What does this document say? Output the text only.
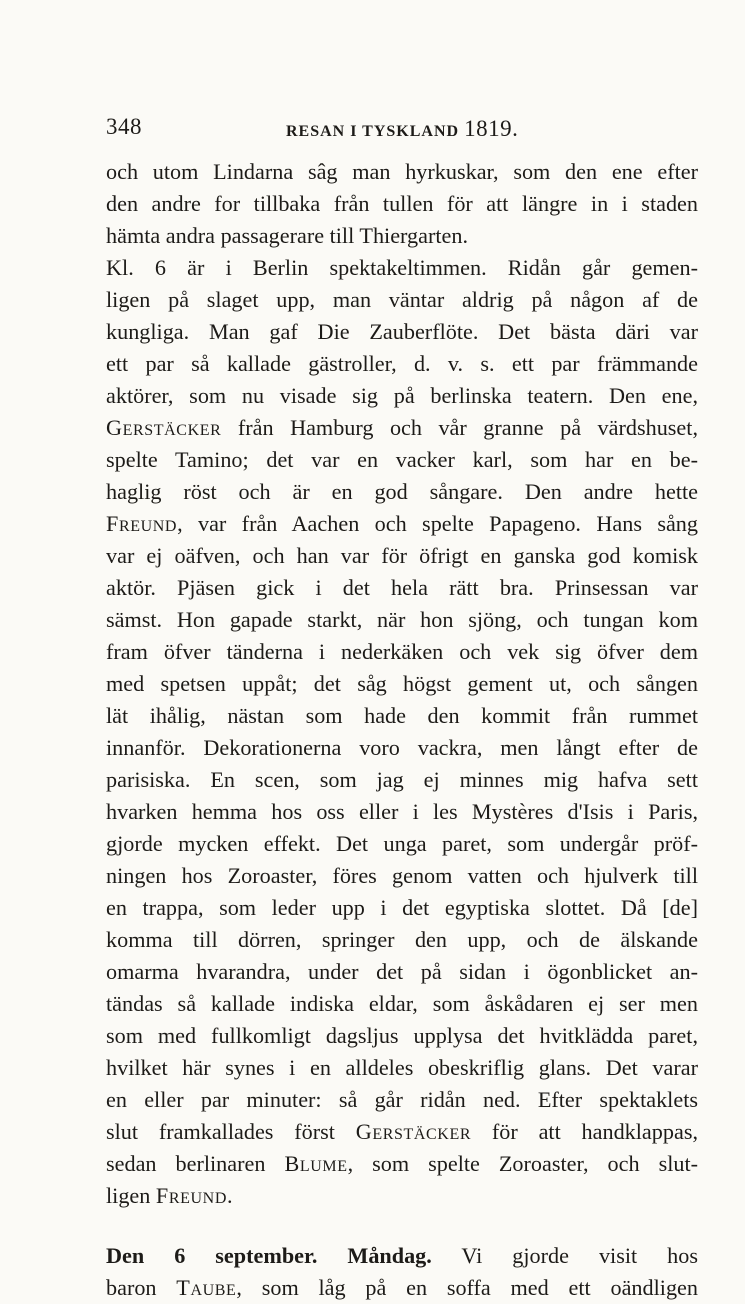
348	RESAN I TYSKLAND 1819.
och utom Lindarna sâg man hyrkuskar, som den ene efter
den andre for tillbaka från tullen för att längre in i staden
hämta andra passagerare till Thiergarten.
Kl. 6 är i Berlin spektakeltimmen. Ridån går gemen-
ligen på slaget upp, man väntar aldrig på någon af de
kungliga. Man gaf Die Zauberflöte. Det bästa däri var
ett par så kallade gästroller, d. v. s. ett par främmande
aktörer, som nu visade sig på berlinska teatern. Den ene,
Gerstäcker från Hamburg och vår granne på värdshuset,
spelte Tamino; det var en vacker karl, som har en be-
haglig röst och är en god sångare. Den andre hette
Freund, var från Aachen och spelte Papageno. Hans sång
var ej oäfven, och han var för öfrigt en ganska god komisk
aktör. Pjäsen gick i det hela rätt bra. Prinsessan var
sämst. Hon gapade starkt, när hon sjöng, och tungan kom
fram öfver tänderna i nederkäken och vek sig öfver dem
med spetsen uppåt; det såg högst gement ut, och sången
lät ihålig, nästan som hade den kommit från rummet
innanför. Dekorationerna voro vackra, men långt efter de
parisiska. En scen, som jag ej minnes mig hafva sett
hvarken hemma hos oss eller i les Mystères d'Isis i Paris,
gjorde mycken effekt. Det unga paret, som undergår pröf-
ningen hos Zoroaster, föres genom vatten och hjulverk till
en trappa, som leder upp i det egyptiska slottet. Då [de]
komma till dörren, springer den upp, och de älskande
omarma hvarandra, under det på sidan i ögonblicket an-
tändas så kallade indiska eldar, som åskådaren ej ser men
som med fullkomligt dagsljus upplysa det hvitklädda paret,
hvilket här synes i en alldeles obeskriflig glans. Det varar
en eller par minuter: så går ridån ned. Efter spektaklets
slut framkallades först Gerstäcker för att handklappas,
sedan berlinaren Blume, som spelte Zoroaster, och slut-
ligen Freund.
Den 6 september. Måndag. Vi gjorde visit hos
baron Taube, som låg på en soffa med ett oändligen
